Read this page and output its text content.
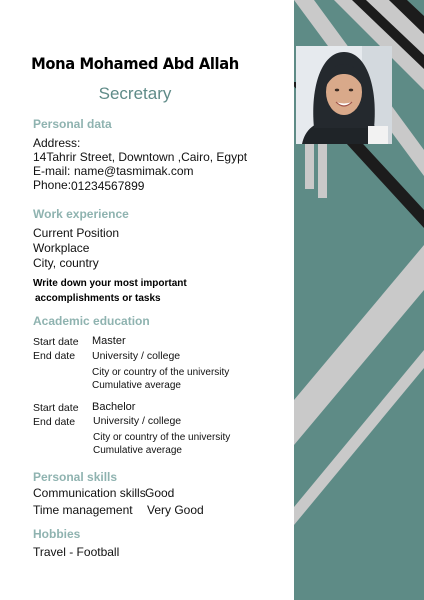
Mona Mohamed Abd Allah
Secretary
Personal data
Address:
14Tahrir Street, Downtown ,Cairo, Egypt
E-mail: name@tasmimak.com
Phone: 01234567899
Work experience
Current Position
Workplace
City, country
Write down your most important
accomplishments or tasks
Academic education
Start date Master
End date University / college
City or country of the university
Cumulative average
Start date Bachelor
End date University / college
City or country of the university
Cumulative average
Personal skills
Communication skills Good
Time management Very Good
Hobbies
Travel - Football
